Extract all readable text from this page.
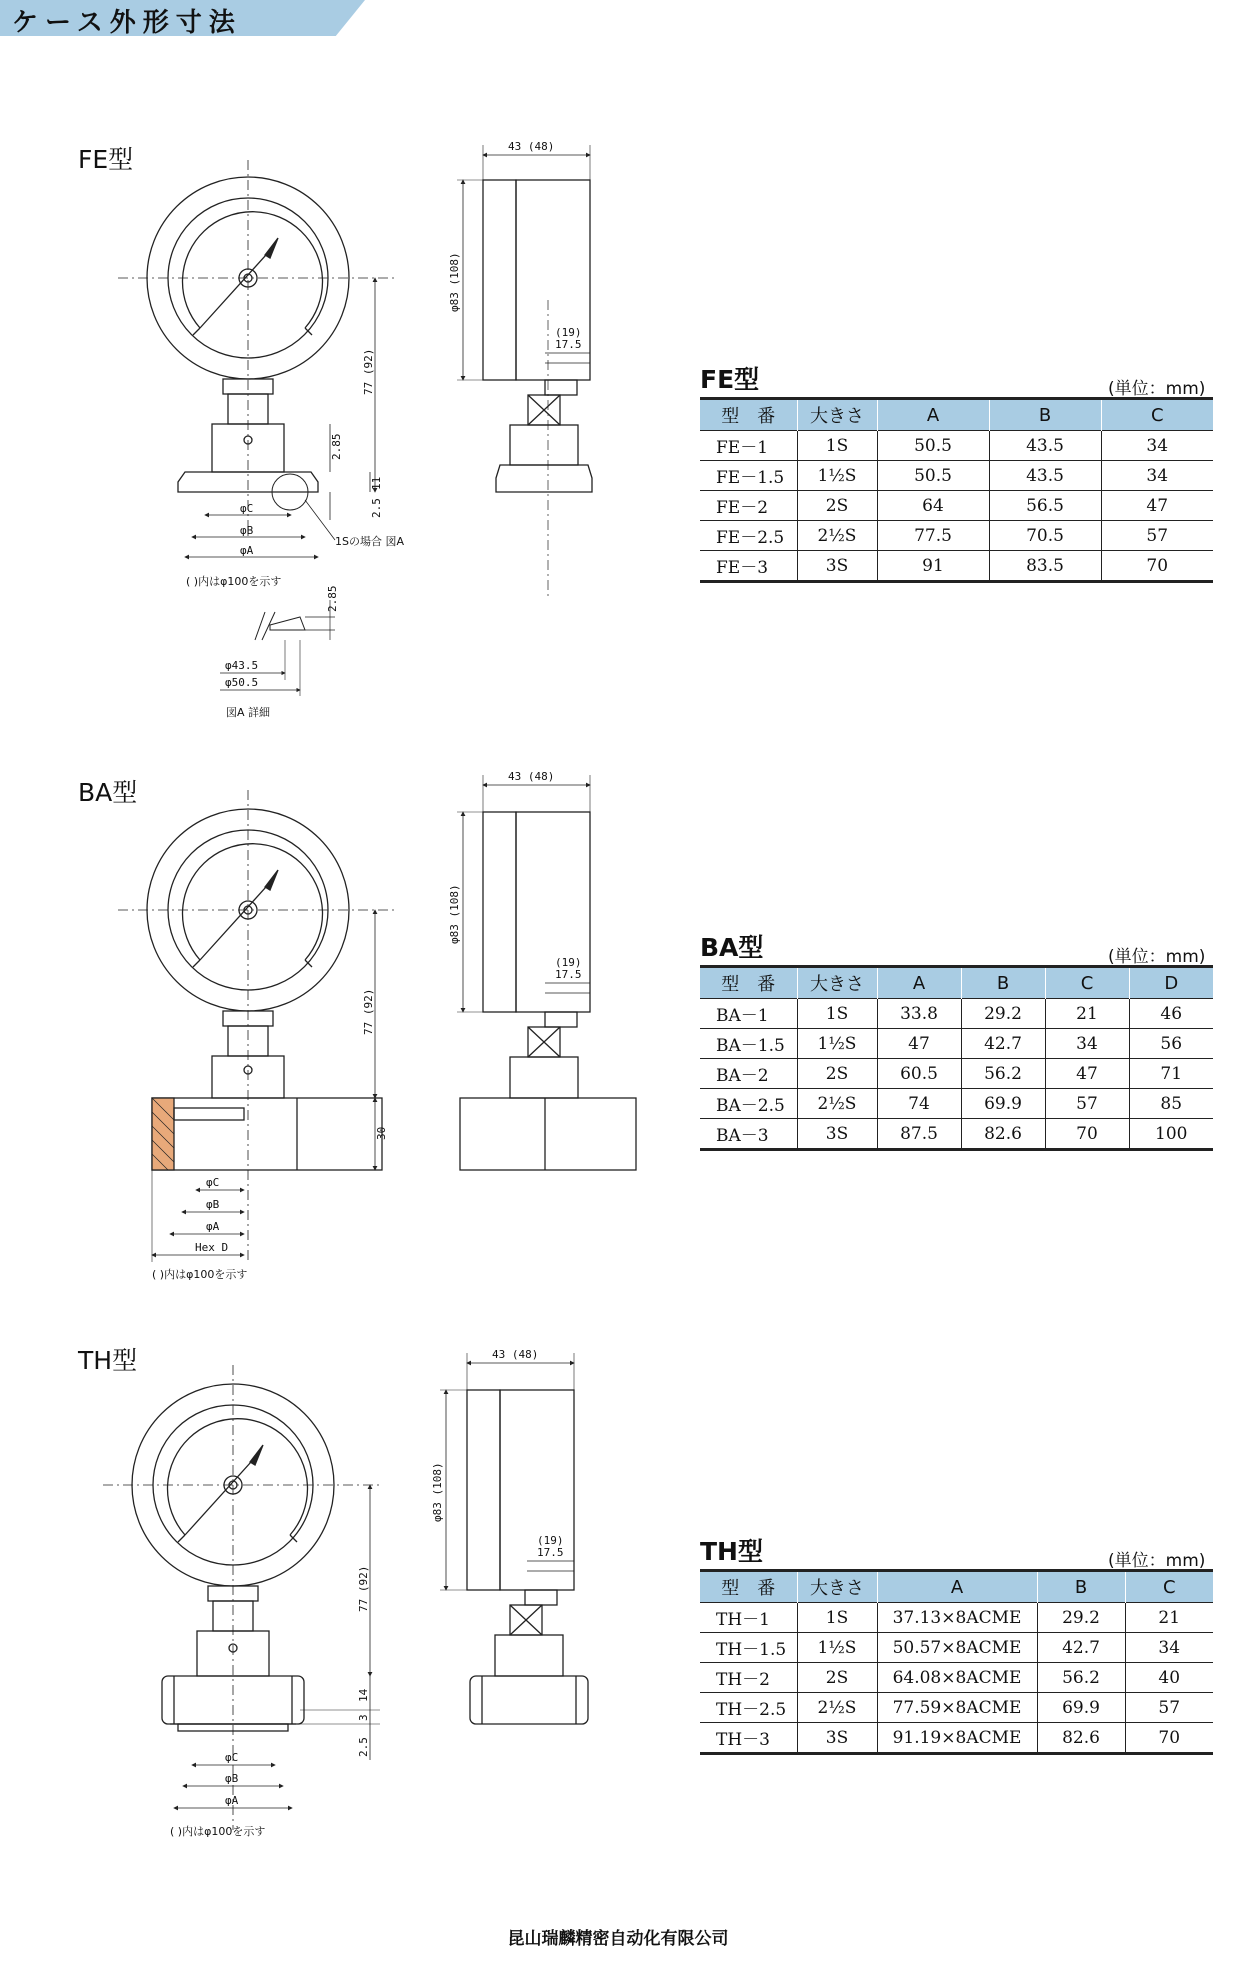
ケース外形寸法
FE型
BA型
TH型
77 (92)
2.85
11
2.5
φC
φB
φA
1Sの場合 図A
( )内はφ100を示す
2.85
φ43.5
φ50.5
図A 詳細
43 (48)
φ83 (108)
(19)
17.5
77 (92)
30
φC
φB
φA
Hex D
( )内はφ100を示す
43 (48)
φ83 (108)
(19)
17.5
77 (92)
14
3
2.5
φC
φB
φA
( )内はφ100を示す
43 (48)
φ83 (108)
(19)
17.5
FE型	(単位：mm)
型　番	大きさ	A	B	C
FE－1	1S	50.5	43.5	34
FE－1.5	1½S	50.5	43.5	34
FE－2	2S	64	56.5	47
FE－2.5	2½S	77.5	70.5	57
FE－3	3S	91	83.5	70
BA型	(単位：mm)
型　番	大きさ	A	B	C	D
BA－1	1S	33.8	29.2	21	46
BA－1.5	1½S	47	42.7	34	56
BA－2	2S	60.5	56.2	47	71
BA－2.5	2½S	74	69.9	57	85
BA－3	3S	87.5	82.6	70	100
TH型	(単位：mm)
型　番	大きさ	A	B	C
TH－1	1S	37.13×8ACME	29.2	21
TH－1.5	1½S	50.57×8ACME	42.7	34
TH－2	2S	64.08×8ACME	56.2	40
TH－2.5	2½S	77.59×8ACME	69.9	57
TH－3	3S	91.19×8ACME	82.6	70
昆山瑞麟精密自动化有限公司
